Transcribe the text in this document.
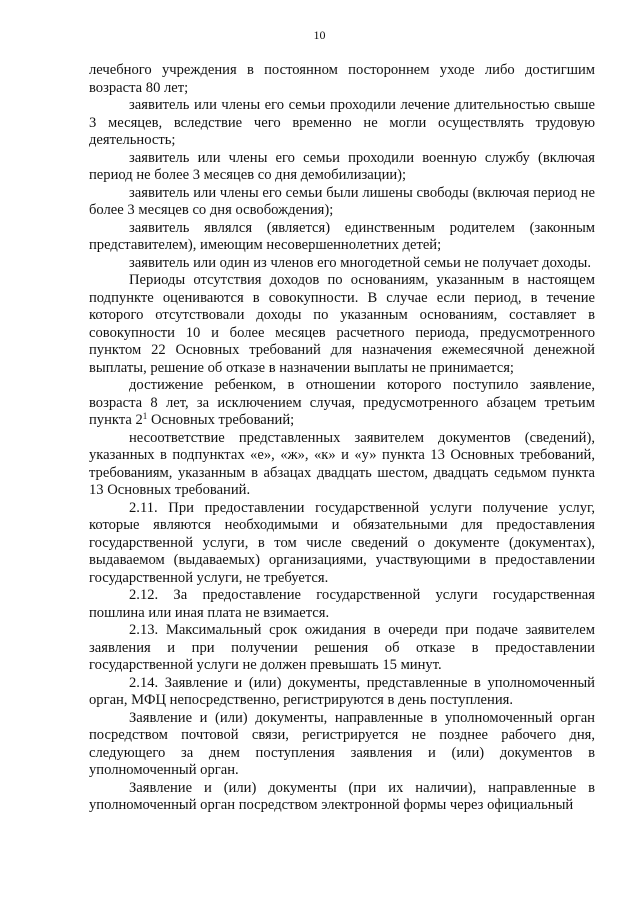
10

лечебного учреждения в постоянном постороннем уходе либо достигшим возраста 80 лет;

заявитель или члены его семьи проходили лечение длительностью свыше 3 месяцев, вследствие чего временно не могли осуществлять трудовую деятельность;

заявитель или члены его семьи проходили военную службу (включая период не более 3 месяцев со дня демобилизации);

заявитель или члены его семьи были лишены свободы (включая период не более 3 месяцев со дня освобождения);

заявитель являлся (является) единственным родителем (законным представителем), имеющим несовершеннолетних детей;

заявитель или один из членов его многодетной семьи не получает доходы.

Периоды отсутствия доходов по основаниям, указанным в настоящем подпункте оцениваются в совокупности. В случае если период, в течение которого отсутствовали доходы по указанным основаниям, составляет в совокупности 10 и более месяцев расчетного периода, предусмотренного пунктом 22 Основных требований для назначения ежемесячной денежной выплаты, решение об отказе в назначении выплаты не принимается;

достижение ребенком, в отношении которого поступило заявление, возраста 8 лет, за исключением случая, предусмотренного абзацем третьим пункта $2^1$ Основных требований;

несоответствие представленных заявителем документов (сведений), указанных в подпунктах «е», «ж», «к» и «у» пункта 13 Основных требований, требованиям, указанным в абзацах двадцать шестом, двадцать седьмом пункта 13 Основных требований.

2.11. При предоставлении государственной услуги получение услуг, которые являются необходимыми и обязательными для предоставления государственной услуги, в том числе сведений о документе (документах), выдаваемом (выдаваемых) организациями, участвующими в предоставлении государственной услуги, не требуется.

2.12. За предоставление государственной услуги государственная пошлина или иная плата не взимается.

2.13. Максимальный срок ожидания в очереди при подаче заявителем заявления и при получении решения об отказе в предоставлении государственной услуги не должен превышать 15 минут.

2.14. Заявление и (или) документы, представленные в уполномоченный орган, МФЦ непосредственно, регистрируются в день поступления.

Заявление и (или) документы, направленные в уполномоченный орган посредством почтовой связи, регистрируется не позднее рабочего дня, следующего за днем поступления заявления и (или) документов в уполномоченный орган.

Заявление и (или) документы (при их наличии), направленные в уполномоченный орган посредством электронной формы через официальный
